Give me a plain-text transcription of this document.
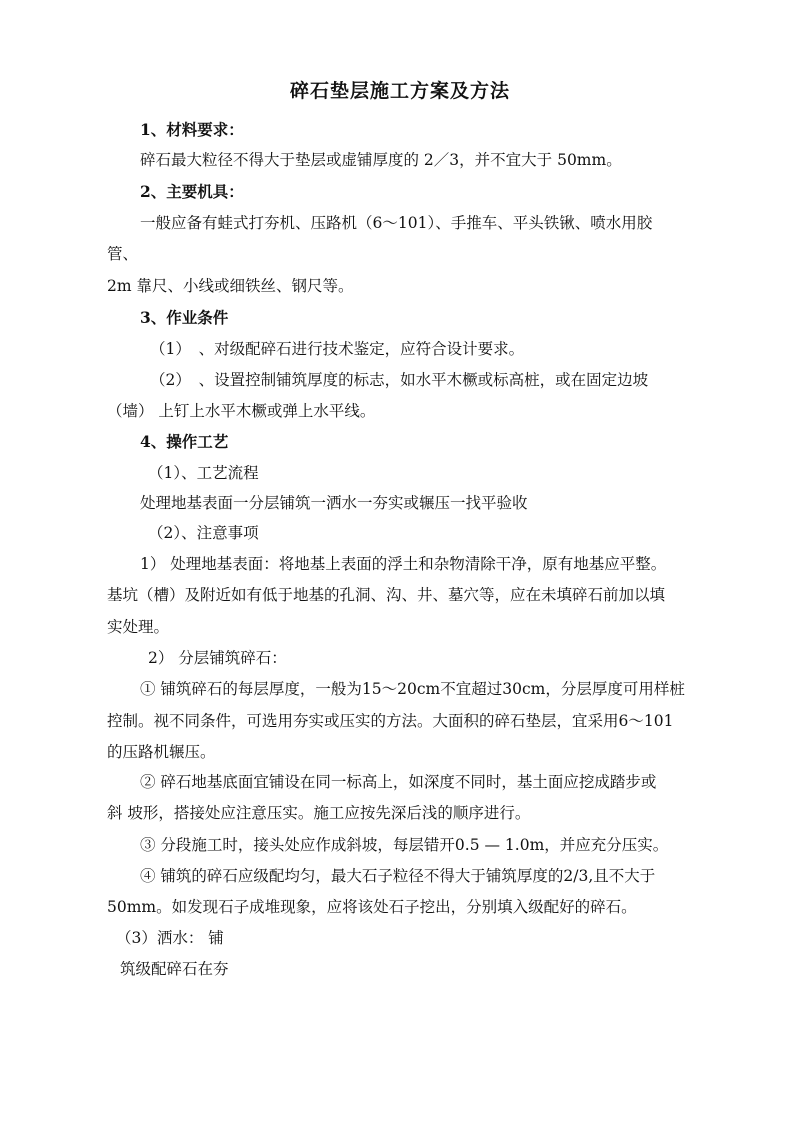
碎石垫层施工方案及方法
1、材料要求：
碎石最大粒径不得大于垫层或虚铺厚度的 2／3，并不宜大于 50mm。
2、主要机具：
一般应备有蛙式打夯机、压路机（6～101）、手推车、平头铁锹、喷水用胶
管、
2m 靠尺、小线或细铁丝、钢尺等。
3、作业条件
（1）　、对级配碎石进行技术鉴定，应符合设计要求。
（2）　、设置控制铺筑厚度的标志，如水平木橛或标高桩，或在固定边坡
（墙） 上钉上水平木橛或弹上水平线。
4、操作工艺
（1）、工艺流程
处理地基表面一分层铺筑一洒水一夯实或辗压一找平验收
（2）、注意事项
1） 处理地基表面：将地基上表面的浮土和杂物清除干净，原有地基应平整。
基坑（槽）及附近如有低于地基的孔洞、沟、井、墓穴等，应在未填碎石前加以填
实处理。
2） 分层铺筑碎石：
① 铺筑碎石的每层厚度，一般为15～20cm不宜超过30cm，分层厚度可用样桩
控制。视不同条件，可选用夯实或压实的方法。大面积的碎石垫层，宜采用6～101
的压路机辗压。
② 碎石地基底面宜铺设在同一标高上，如深度不同时，基土面应挖成踏步或
斜 坡形，搭接处应注意压实。施工应按先深后浅的顺序进行。
③ 分段施工时，接头处应作成斜坡，每层错开0.5 — 1.0m，并应充分压实。
④ 铺筑的碎石应级配均匀，最大石子粒径不得大于铺筑厚度的2/3,且不大于
50mm。如发现石子成堆现象，应将该处石子挖出，分别填入级配好的碎石。
（3）洒水： 铺
筑级配碎石在夯
